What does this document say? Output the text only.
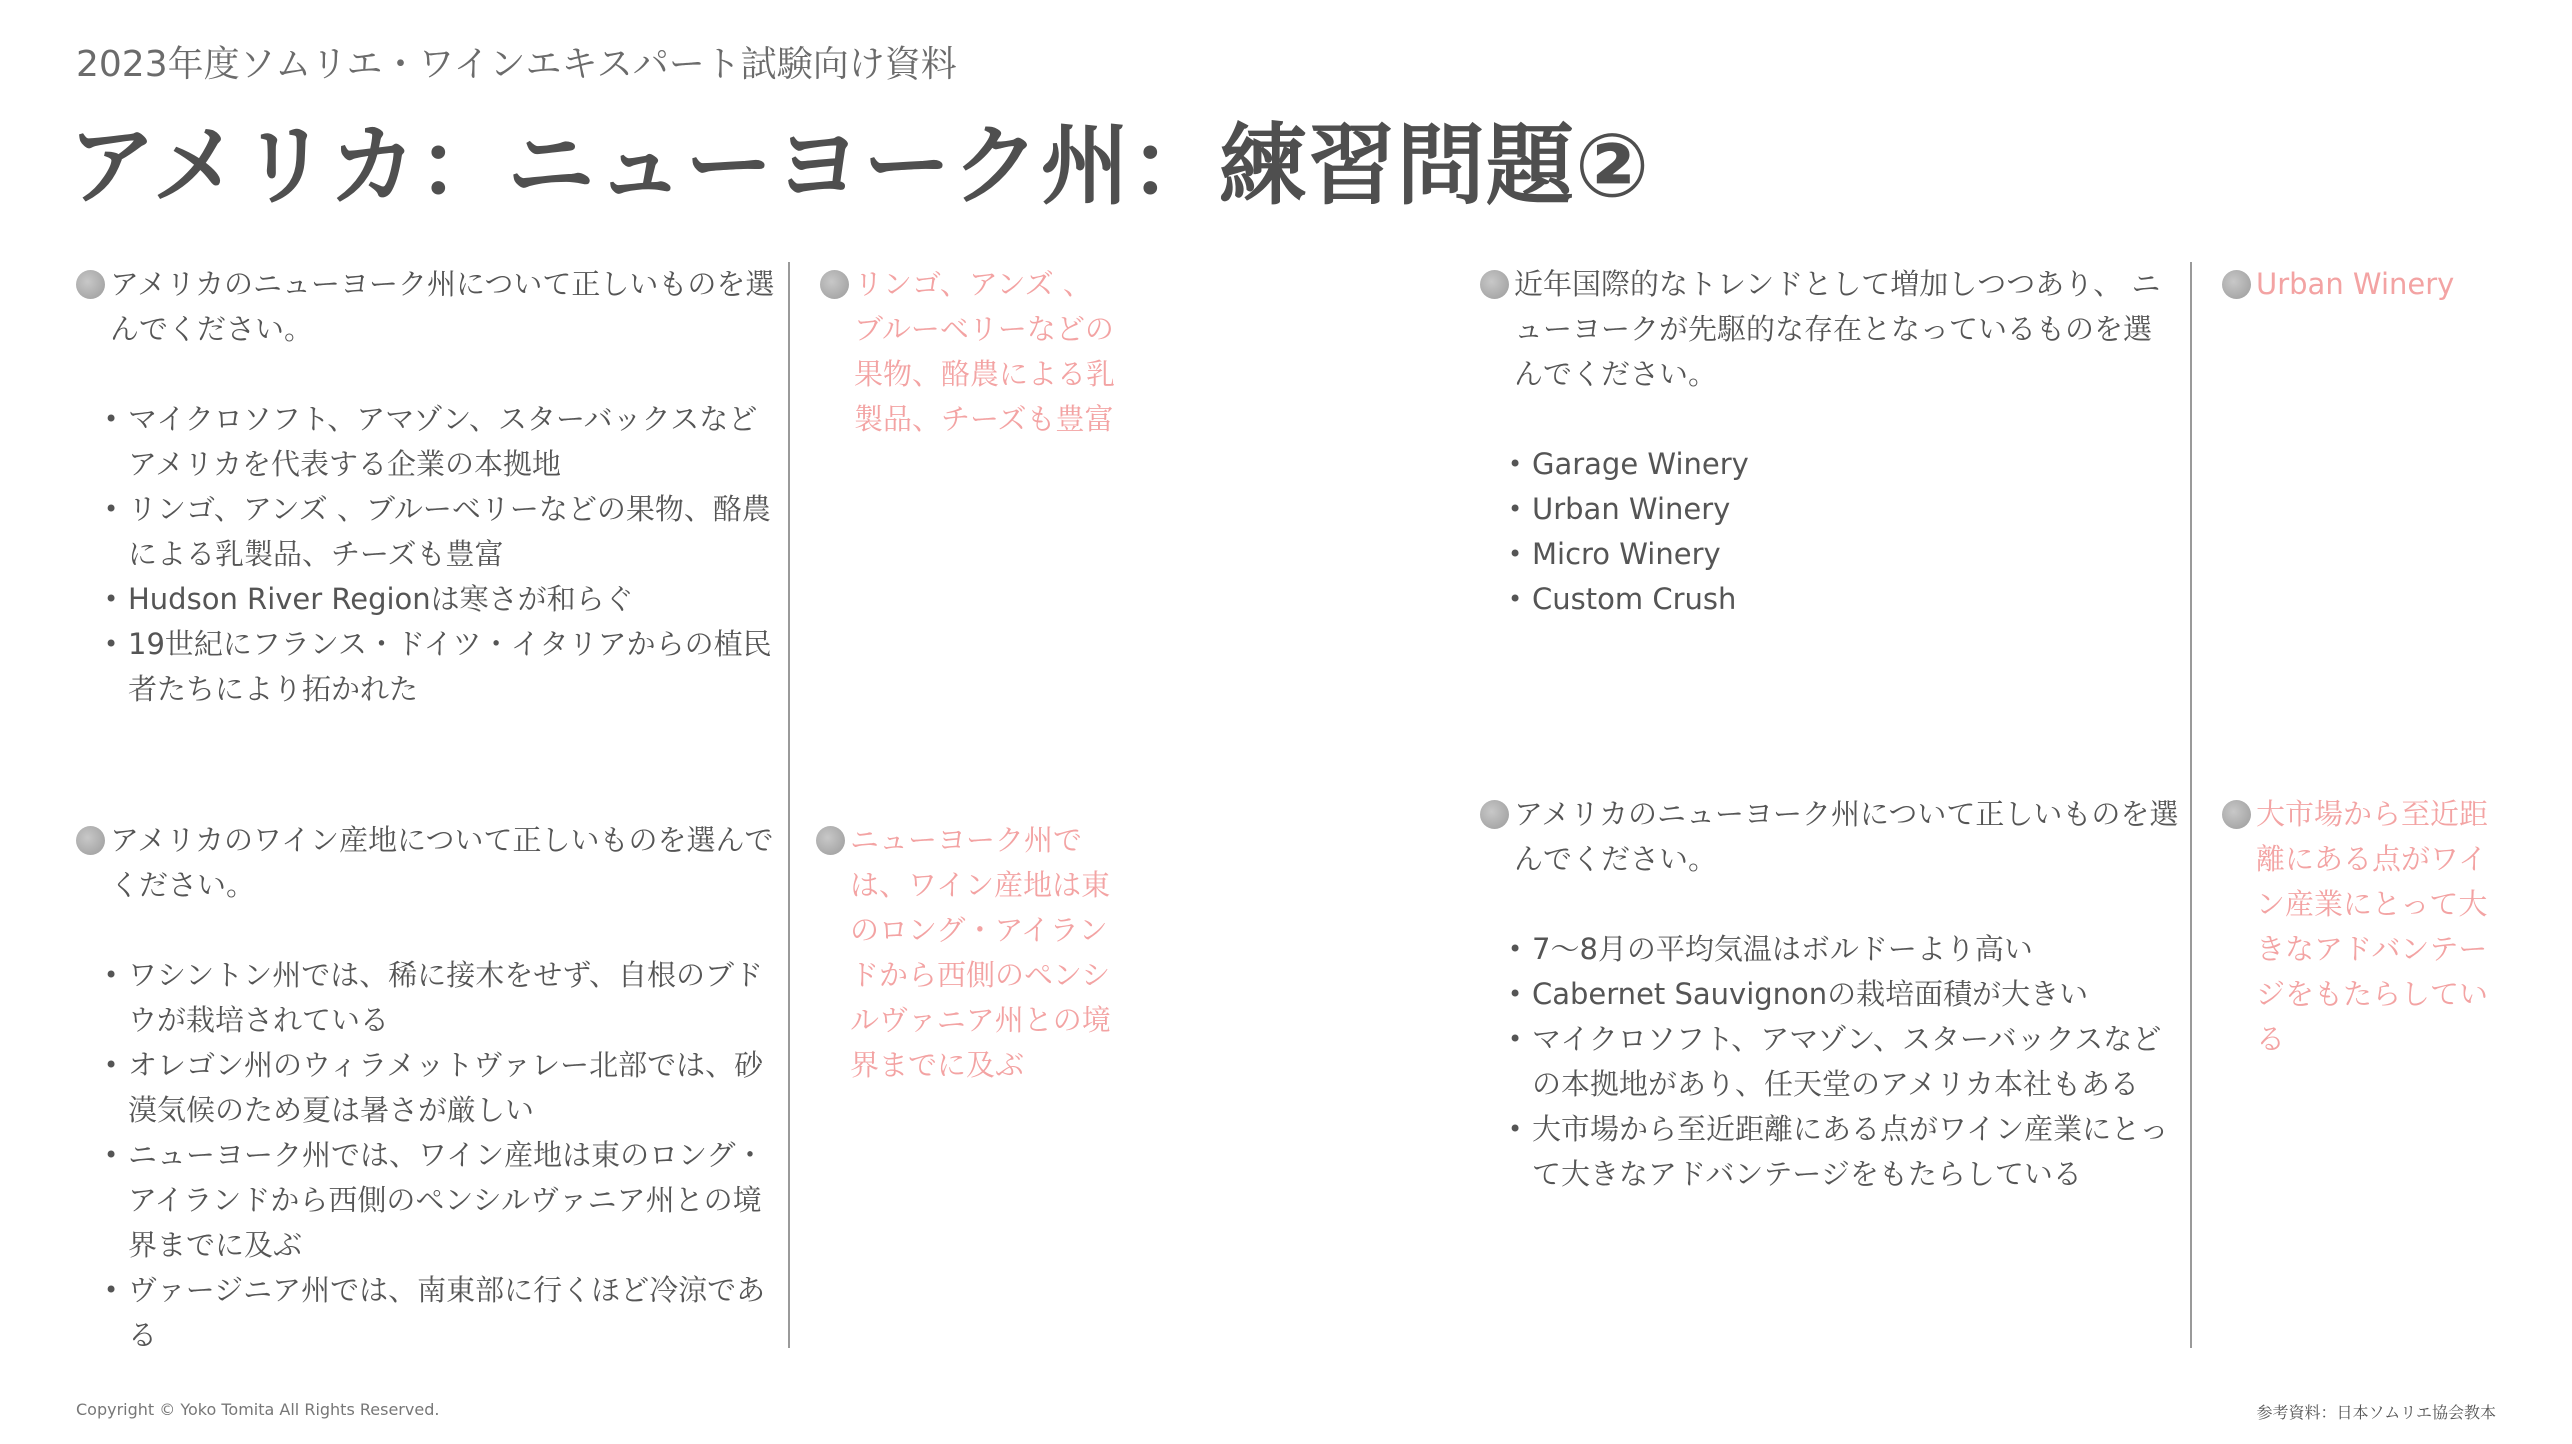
2023年度ソムリエ・ワインエキスパート試験向け資料
アメリカ：ニューヨーク州：練習問題②
アメリカのニューヨーク州について正しいものを選んでください。
• マイクロソフト、アマゾン、スターバックスなどアメリカを代表する企業の本拠地
• リンゴ、アンズ 、ブルーベリーなどの果物、酪農による乳製品、チーズも豊富
• Hudson River Regionは寒さが和らぐ
• 19世紀にフランス・ドイツ・イタリアからの植民者たちにより拓かれた
リンゴ、アンズ 、ブルーベリーなどの果物、酪農による乳製品、チーズも豊富
アメリカのワイン産地について正しいものを選んでください。
• ワシントン州では、稀に接木をせず、自根のブドウが栽培されている
• オレゴン州のウィラメットヴァレー北部では、砂漠気候のため夏は暑さが厳しい
• ニューヨーク州では、ワイン産地は東のロング・アイランドから西側のペンシルヴァニア州との境界までに及ぶ
• ヴァージニア州では、南東部に行くほど冷涼である
ニューヨーク州では、ワイン産地は東のロング・アイランドから西側のペンシルヴァニア州との境界までに及ぶ
近年国際的なトレンドとして増加しつつあり、 ニューヨークが先駆的な存在となっているものを選んでください。
• Garage Winery
• Urban Winery
• Micro Winery
• Custom Crush
Urban Winery
アメリカのニューヨーク州について正しいものを選んでください。
• 7〜8月の平均気温はボルドーより高い
• Cabernet Sauvignonの栽培面積が大きい
• マイクロソフト、アマゾン、スターバックスなどの本拠地があり、任天堂のアメリカ本社もある
• 大市場から至近距離にある点がワイン産業にとって大きなアドバンテージをもたらしている
大市場から至近距離にある点がワイン産業にとって大きなアドバンテージをもたらしている
Copyright © Yoko Tomita All Rights Reserved.	参考資料：日本ソムリエ協会教本
